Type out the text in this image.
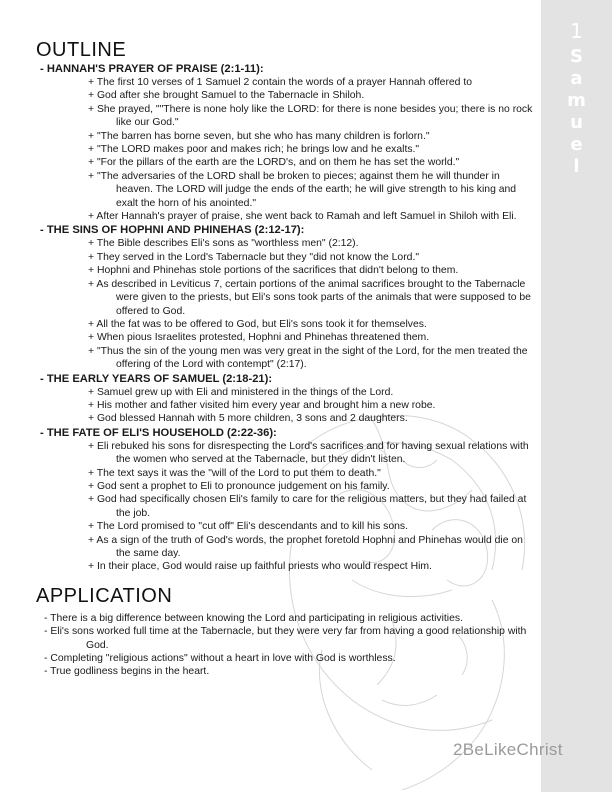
1
S
a
m
u
e
l
OUTLINE

- HANNAH'S PRAYER OF PRAISE (2:1-11):

+ The first 10 verses of 1 Samuel 2 contain the words of a prayer Hannah offered to
+ God after she brought Samuel to the Tabernacle in Shiloh.
+ She prayed, ""There is none holy like the LORD: for there is none besides you; there is no rock like our God."
+ "The barren has borne seven, but she who has many children is forlorn."
+ "The LORD makes poor and makes rich; he brings low and he exalts."
+ "For the pillars of the earth are the LORD's, and on them he has set the world."
+ "The adversaries of the LORD shall be broken to pieces; against them he will thunder in heaven. The LORD will judge the ends of the earth; he will give strength to his king and exalt the horn of his anointed."
+ After Hannah's prayer of praise, she went back to Ramah and left Samuel in Shiloh with Eli.

- THE SINS OF HOPHNI AND PHINEHAS (2:12-17):

+ The Bible describes Eli's sons as "worthless men" (2:12).
+ They served in the Lord's Tabernacle but they "did not know the Lord."
+ Hophni and Phinehas stole portions of the sacrifices that didn't belong to them.
+ As described in Leviticus 7, certain portions of the animal sacrifices brought to the Tabernacle were given to the priests, but Eli's sons took parts of the animals that were supposed to be offered to God.
+ All the fat was to be offered to God, but Eli's sons took it for themselves.
+ When pious Israelites protested, Hophni and Phinehas threatened them.
+ "Thus the sin of the young men was very great in the sight of the Lord, for the men treated the offering of the Lord with contempt" (2:17).

- THE EARLY YEARS OF SAMUEL (2:18-21):

+ Samuel grew up with Eli and ministered in the things of the Lord.
+ His mother and father visited him every year and brought him a new robe.
+ God blessed Hannah with 5 more children, 3 sons and 2 daughters.

- THE FATE OF ELI'S HOUSEHOLD (2:22-36):

+ Eli rebuked his sons for disrespecting the Lord's sacrifices and for having sexual relations with the women who served at the Tabernacle, but they didn't listen.
+ The text says it was the "will of the Lord to put them to death."
+ God sent a prophet to Eli to pronounce judgement on his family.
+ God had specifically chosen Eli's family to care for the religious matters, but they had failed at the job.
+ The Lord promised to "cut off" Eli's descendants and to kill his sons.
+ As a sign of the truth of God's words, the prophet foretold Hophni and Phinehas would die on the same day.
+ In their place, God would raise up faithful priests who would respect Him.
APPLICATION
- There is a big difference between knowing the Lord and participating in religious activities.
- Eli's sons worked full time at the Tabernacle, but they were very far from having a good relationship with God.
- Completing "religious actions" without a heart in love with God is worthless.
- True godliness begins in the heart.
2BeLikeChrist
